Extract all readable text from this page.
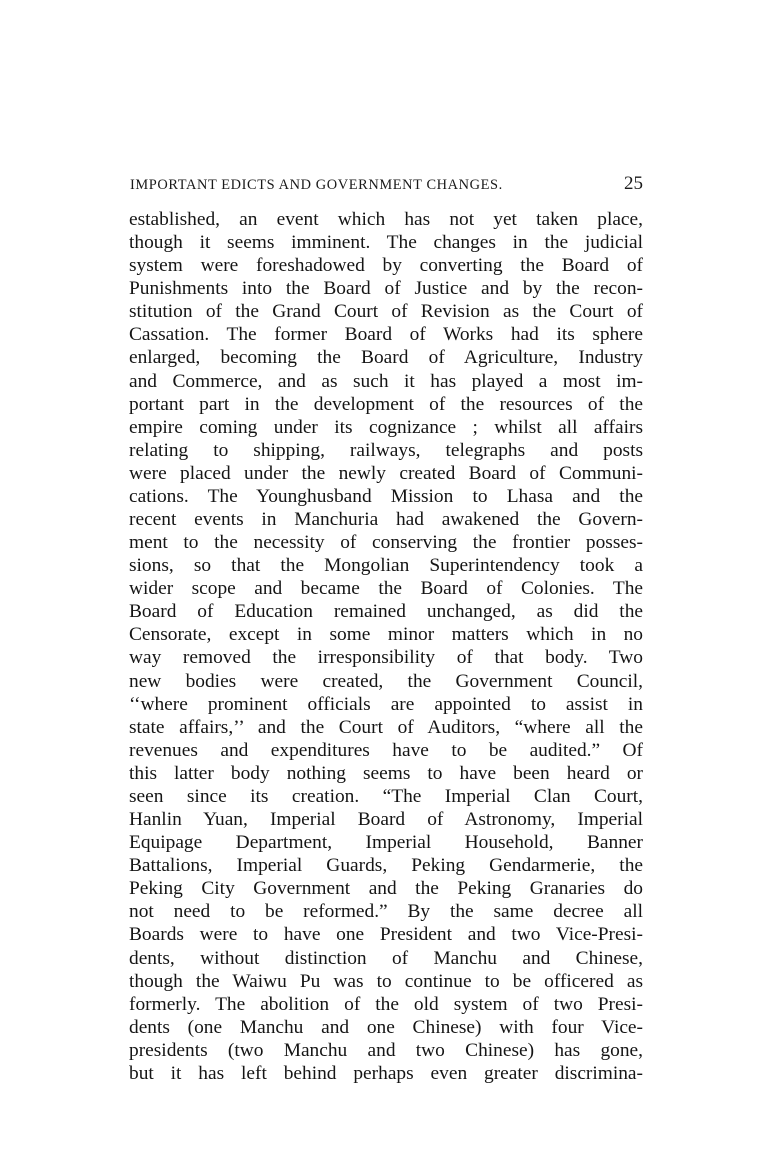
IMPORTANT EDICTS AND GOVERNMENT CHANGES.	25
established, an event which has not yet taken place,
though it seems imminent. The changes in the judicial
system were foreshadowed by converting the Board of
Punishments into the Board of Justice and by the recon-
stitution of the Grand Court of Revision as the Court of
Cassation. The former Board of Works had its sphere
enlarged, becoming the Board of Agriculture, Industry
and Commerce, and as such it has played a most im-
portant part in the development of the resources of the
empire coming under its cognizance ; whilst all affairs
relating to shipping, railways, telegraphs and posts
were placed under the newly created Board of Communi-
cations. The Younghusband Mission to Lhasa and the
recent events in Manchuria had awakened the Govern-
ment to the necessity of conserving the frontier posses-
sions, so that the Mongolian Superintendency took a
wider scope and became the Board of Colonies. The
Board of Education remained unchanged, as did the
Censorate, except in some minor matters which in no
way removed the irresponsibility of that body. Two
new bodies were created, the Government Council,
‘‘where prominent officials are appointed to assist in
state affairs,’’ and the Court of Auditors, “where all the
revenues and expenditures have to be audited.” Of
this latter body nothing seems to have been heard or
seen since its creation. “The Imperial Clan Court,
Hanlin Yuan, Imperial Board of Astronomy, Imperial
Equipage Department, Imperial Household, Banner
Battalions, Imperial Guards, Peking Gendarmerie, the
Peking City Government and the Peking Granaries do
not need to be reformed.” By the same decree all
Boards were to have one President and two Vice-Presi-
dents, without distinction of Manchu and Chinese,
though the Waiwu Pu was to continue to be officered as
formerly. The abolition of the old system of two Presi-
dents (one Manchu and one Chinese) with four Vice-
presidents (two Manchu and two Chinese) has gone,
but it has left behind perhaps even greater discrimina-
